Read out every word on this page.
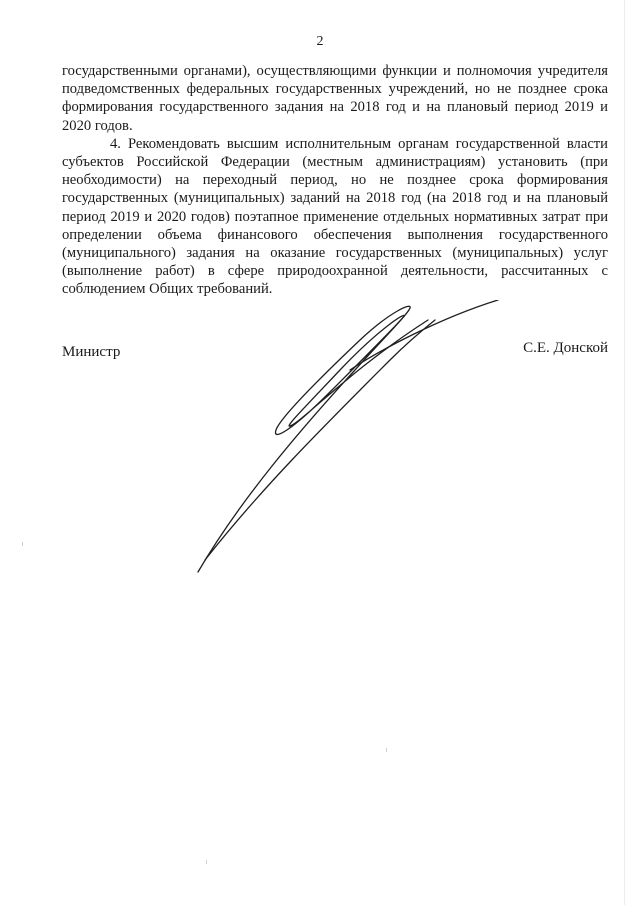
2

государственными органами), осуществляющими функции и полномочия учредителя подведомственных федеральных государственных учреждений, но не позднее срока формирования государственного задания на 2018 год и на плановый период 2019 и 2020 годов.

4. Рекомендовать высшим исполнительным органам государственной власти субъектов Российской Федерации (местным администрациям) установить (при необходимости) на переходный период, но не позднее срока формирования государственных (муниципальных) заданий на 2018 год (на 2018 год и на плановый период 2019 и 2020 годов) поэтапное применение отдельных нормативных затрат при определении объема финансового обеспечения выполнения государственного (муниципального) задания на оказание государственных (муниципальных) услуг (выполнение работ) в сфере природоохранной деятельности, рассчитанных с соблюдением Общих требований.

Министр	С.Е. Донской
